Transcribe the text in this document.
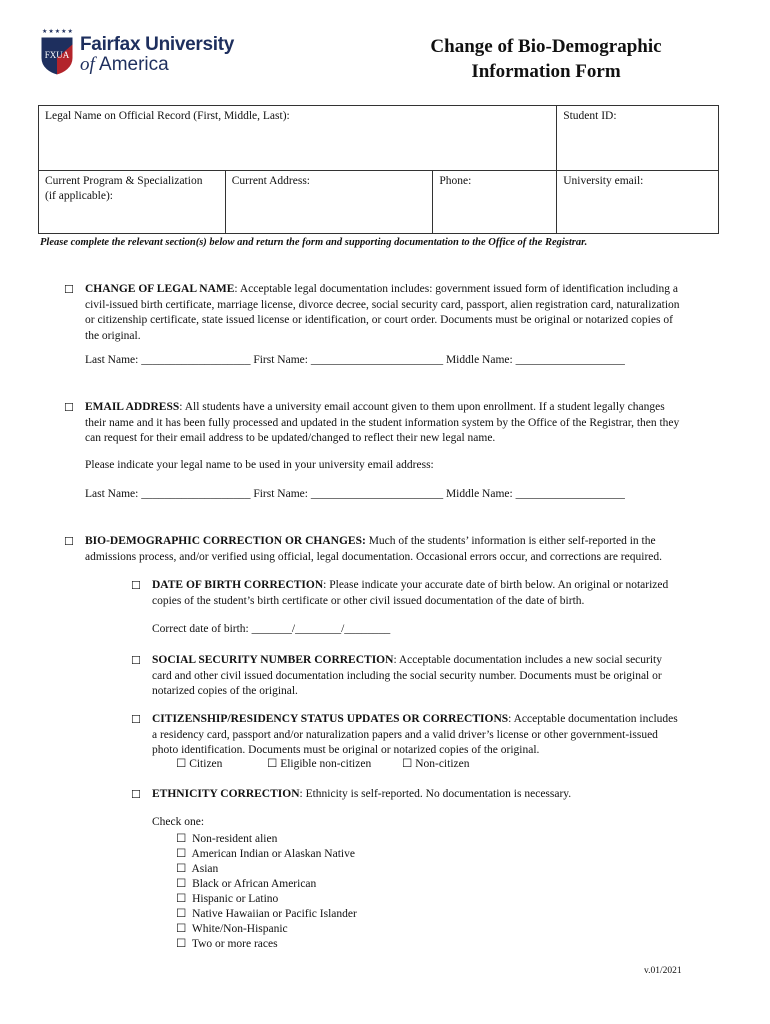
★★★★★
FXUA Fairfax University
of America
Change of Bio-Demographic
Information Form
Legal Name on Official Record (First, Middle, Last):			Student ID:

Current Program & Specialization
(if applicable):	Current Address:	Phone:	University email:
Please complete the relevant section(s) below and return the form and supporting documentation to the Office of the Registrar.
☐ CHANGE OF LEGAL NAME: Acceptable legal documentation includes: government issued form of identification including a

civil-issued birth certificate, marriage license, divorce decree, social security card, passport, alien registration card, naturalization

or citizenship certificate, state issued license or identification, or court order. Documents must be original or notarized copies of

the original.

Last Name: ___________________ First Name: _______________________ Middle Name: ___________________
☐ EMAIL ADDRESS: All students have a university email account given to them upon enrollment. If a student legally changes

their name and it has been fully processed and updated in the student information system by the Office of the Registrar, then they

can request for their email address to be updated/changed to reflect their new legal name.

Please indicate your legal name to be used in your university email address:
Last Name: ___________________ First Name: _______________________ Middle Name: ___________________
☐ BIO-DEMOGRAPHIC CORRECTION OR CHANGES: Much of the students’ information is either self-reported in the

admissions process, and/or verified using official, legal documentation. Occasional errors occur, and corrections are required.

☐ DATE OF BIRTH CORRECTION: Please indicate your accurate date of birth below. An original or notarized

copies of the student’s birth certificate or other civil issued documentation of the date of birth.

Correct date of birth: _______/________/________
☐ SOCIAL SECURITY NUMBER CORRECTION: Acceptable documentation includes a new social security

card and other civil issued documentation including the social security number. Documents must be original or

notarized copies of the original.

☐ CITIZENSHIP/RESIDENCY STATUS UPDATES OR CORRECTIONS: Acceptable documentation includes

a residency card, passport and/or naturalization papers and a valid driver’s license or other government-issued

photo identification. Documents must be original or notarized copies of the original.

☐ Citizen	☐ Eligible non-citizen	☐ Non-citizen
☐ ETHNICITY CORRECTION: Ethnicity is self-reported. No documentation is necessary.

Check one:
☐ Non-resident alien
☐ American Indian or Alaskan Native
☐ Asian
☐ Black or African American
☐ Hispanic or Latino
☐ Native Hawaiian or Pacific Islander
☐ White/Non-Hispanic
☐ Two or more races
v.01/2021
